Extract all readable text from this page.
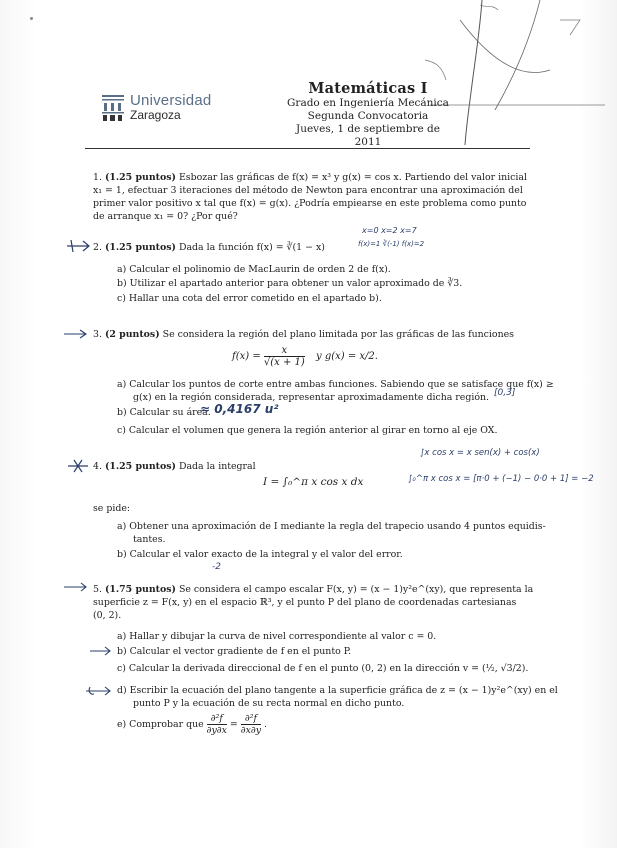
Universidad
Zaragoza
Matemáticas I
Grado en Ingeniería Mecánica
Segunda Convocatoria
Jueves, 1 de septiembre de 2011
1. (1.25 puntos) Esbozar las gráficas de f(x) = x³ y g(x) = cos x. Partiendo del valor inicial
x₁ = 1, efectuar 3 iteraciones del método de Newton para encontrar una aproximación del
primer valor positivo x tal que f(x) = g(x). ¿Podría empiearse en este problema como punto
de arranque x₁ = 0? ¿Por qué?
2. (1.25 puntos) Dada la función f(x) = ∛(1 − x)
x=0 x=2 x=7
f(x)=1 ∛(-1) f(x)=2
a) Calcular el polinomio de MacLaurin de orden 2 de f(x).
b) Utilizar el apartado anterior para obtener un valor aproximado de ∛3.
c) Hallar una cota del error cometido en el apartado b).
3. (2 puntos) Se considera la región del plano limitada por las gráficas de las funciones
$f(x) = \frac{x}{√(x + 1)}$ y g(x) = x/2.
a) Calcular los puntos de corte entre ambas funciones. Sabiendo que se satisface que f(x) ≥
g(x) en la región considerada, representar aproximadamente dicha región. [0,3]
b) Calcular su área.
≈ 0,4167 u²
c) Calcular el volumen que genera la región anterior al girar en torno al eje OX.
4. (1.25 puntos) Dada la integral
I = ∫₀^π x cos x dx
∫x cos x = x sen(x) + cos(x)
∫₀^π x cos x = [π·0 + (−1) − 0·0 + 1] = −2
se pide:
a) Obtener una aproximación de I mediante la regla del trapecio usando 4 puntos equidis-
tantes.
b) Calcular el valor exacto de la integral y el valor del error.
-2
5. (1.75 puntos) Se considera el campo escalar F(x, y) = (x − 1)y²e^(xy), que representa la
superficie z = F(x, y) en el espacio ℝ³, y el punto P del plano de coordenadas cartesianas
(0, 2).
a) Hallar y dibujar la curva de nivel correspondiente al valor c = 0.
b) Calcular el vector gradiente de f en el punto P.
c) Calcular la derivada direccional de f en el punto (0, 2) en la dirección v = (½, √3/2).
d) Escribir la ecuación del plano tangente a la superficie gráfica de z = (x − 1)y²e^(xy) en el
punto P y la ecuación de su recta normal en dicho punto.
e) Comprobar que $\frac{\text{∂²f}}{\partial y\partial x} = \frac{\text{∂²f}}{\partial x\partial y}$ .
